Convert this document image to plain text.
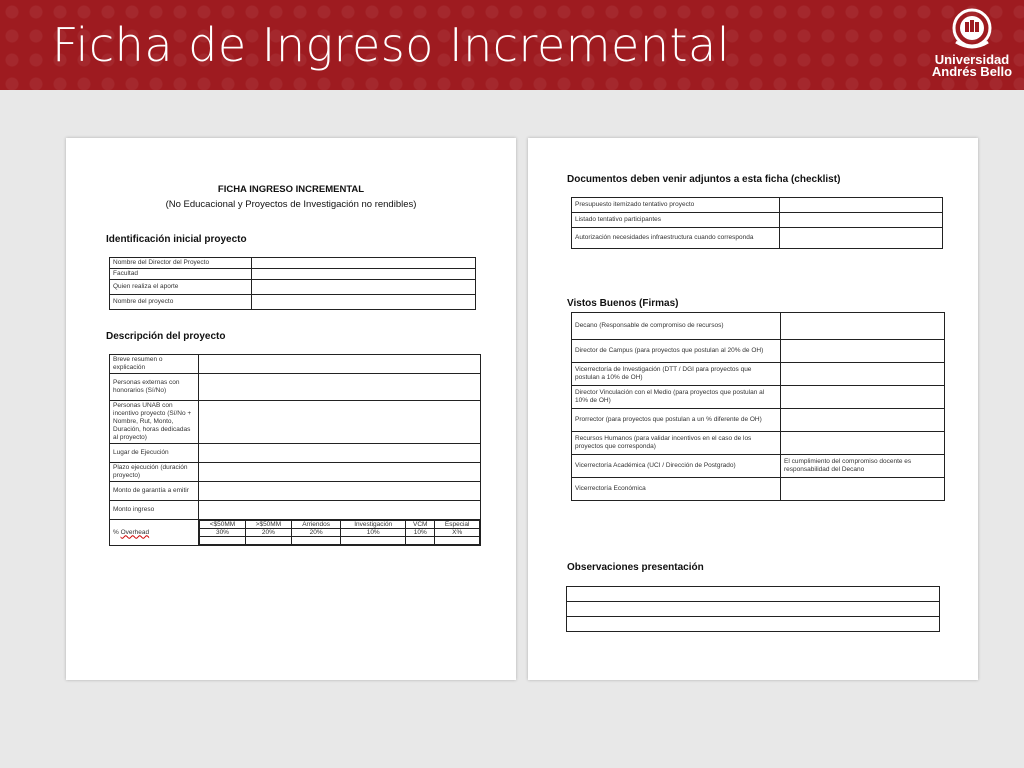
Ficha de Ingreso Incremental	Universidad
Andrés Bello
FICHA INGRESO INCREMENTAL
(No Educacional y Proyectos de Investigación no rendibles)
Identificación inicial proyecto
Nombre del Director del Proyecto	
Facultad	
Quien realiza el aporte	
Nombre del proyecto	
Descripción del proyecto
Breve resumen o explicación	
Personas externas con honorarios (Sí/No)	
Personas UNAB con incentivo proyecto (Sí/No + Nombre, Rut, Monto, Duración, horas dedicadas al proyecto)	
Lugar de Ejecución	
Plazo ejecución (duración proyecto)	
Monto de garantía a emitir	
Monto ingreso	
% Overhead	
<$50MM	>$50MM	Arriendos	Investigación	VCM	Especial
30%	20%	20%	10%	10%	X%

Documentos deben venir adjuntos a esta ficha (checklist)
Presupuesto itemizado tentativo proyecto	
Listado tentativo participantes	
Autorización necesidades infraestructura cuando corresponda	
Vistos Buenos (Firmas)
Decano (Responsable de compromiso de recursos)	
Director de Campus (para proyectos que postulan al 20% de OH)	
Vicerrectoría de Investigación (DTT / DGI para proyectos que postulan a 10% de OH)	
Director Vinculación con el Medio (para proyectos que postulan al 10% de OH)	
Prorrector (para proyectos que postulan a un % diferente de OH)	
Recursos Humanos (para validar incentivos en el caso de los proyectos que corresponda)	
Vicerrectoría Académica (UCI / Dirección de Postgrado)	El cumplimiento del compromiso docente es responsabilidad del Decano
Vicerrectoría Económica	
Observaciones presentación
